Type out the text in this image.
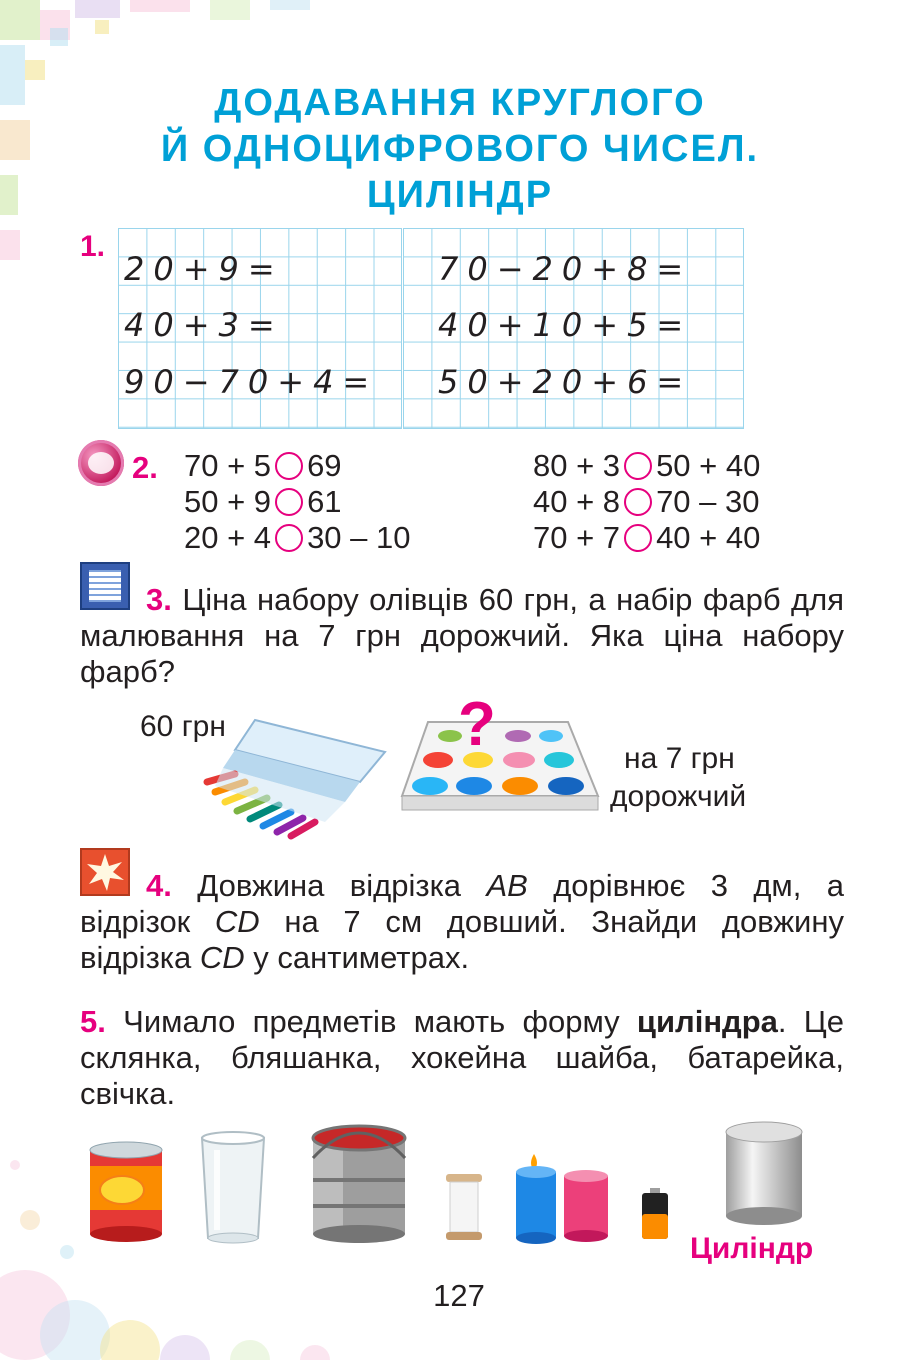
ДОДАВАННЯ КРУГЛОГО
Й ОДНОЦИФРОВОГО ЧИСЕЛ.
ЦИЛІНДР
1.
20+9=
40+3=
90−70+4=
70−20+8=
40+10+5=
50+20+6=
2. 70 + 5 69
50 + 9 61
20 + 4 30 – 10
80 + 3 50 + 40
40 + 8 70 – 30
70 + 7 40 + 40
3. Ціна набору олівців 60 грн, а набір фарб для малювання на 7 грн дорожчий. Яка ціна набору фарб?
60 грн	?	на 7 грн
дорожчий
4. Довжина відрізка AB дорівнює 3 дм, а відрізок CD на 7 см довший. Знайди довжину відрізка CD у сантиметрах.
5. Чимало предметів мають форму циліндра. Це склянка, бляшанка, хокейна шайба, батарейка, свічка.
Циліндр
127
